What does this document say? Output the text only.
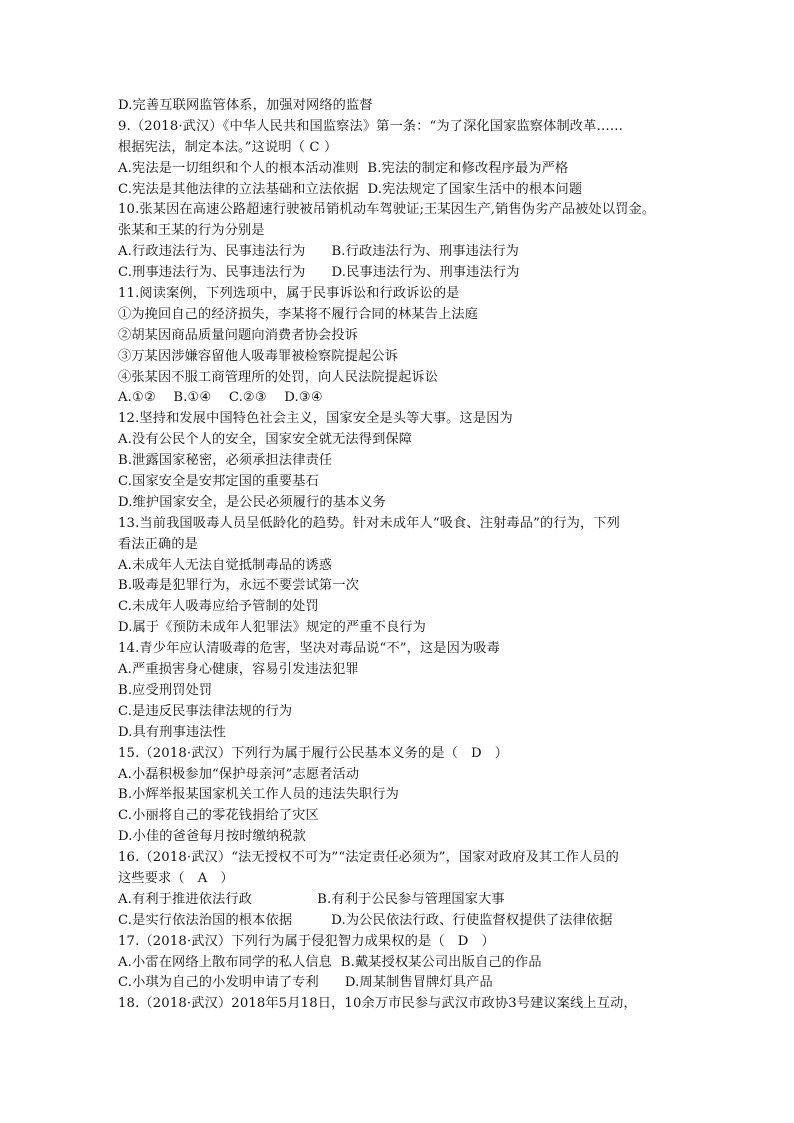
D.完善互联网监管体系，加强对网络的监督
9.（2018·武汉）《中华人民共和国监察法》第一条：“为了深化国家监察体制改革……
根据宪法，制定本法。”这说明（ C ）
A.宪法是一切组织和个人的根本活动准则  B.宪法的制定和修改程序最为严格
C.宪法是其他法律的立法基础和立法依据  D.宪法规定了国家生活中的根本问题
10.张某因在高速公路超速行驶被吊销机动车驾驶证;王某因生产,销售伪劣产品被处以罚金。
张某和王某的行为分别是
A.行政违法行为、民事违法行为      B.行政违法行为、刑事违法行为
C.刑事违法行为、民事违法行为      D.民事违法行为、刑事违法行为
11.阅读案例，下列选项中，属于民事诉讼和行政诉讼的是
①为挽回自己的经济损失，李某将不履行合同的林某告上法庭
②胡某因商品质量问题向消费者协会投诉
③万某因涉嫌容留他人吸毒罪被检察院提起公诉
④张某因不服工商管理所的处罚，向人民法院提起诉讼
A.①②    B.①④    C.②③    D.③④
12.坚持和发展中国特色社会主义，国家安全是头等大事。这是因为
A.没有公民个人的安全，国家安全就无法得到保障
B.泄露国家秘密，必须承担法律责任
C.国家安全是安邦定国的重要基石
D.维护国家安全，是公民必须履行的基本义务
13.当前我国吸毒人员呈低龄化的趋势。针对未成年人“吸食、注射毒品”的行为，下列
看法正确的是
A.未成年人无法自觉抵制毒品的诱惑
B.吸毒是犯罪行为，永远不要尝试第一次
C.未成年人吸毒应给予管制的处罚
D.属于《预防未成年人犯罪法》规定的严重不良行为
14.青少年应认清吸毒的危害，坚决对毒品说“不”，这是因为吸毒
A.严重损害身心健康，容易引发违法犯罪
B.应受刑罚处罚
C.是违反民事法律法规的行为
D.具有刑事违法性
15.（2018·武汉）下列行为属于履行公民基本义务的是（   D   ）
A.小磊积极参加“保护母亲河”志愿者活动
B.小辉举报某国家机关工作人员的违法失职行为
C.小丽将自己的零花钱捐给了灾区
D.小佳的爸爸每月按时缴纳税款
16.（2018·武汉）“法无授权不可为”“法定责任必须为”，国家对政府及其工作人员的
这些要求（   A   ）
A.有利于推进依法行政               B.有利于公民参与管理国家大事
C.是实行依法治国的根本依据         D.为公民依法行政、行使监督权提供了法律依据
17.（2018·武汉）下列行为属于侵犯智力成果权的是（   D   ）
A.小雷在网络上散布同学的私人信息  B.戴某授权某公司出版自己的作品
C.小琪为自己的小发明申请了专利      D.周某制售冒牌灯具产品
18.（2018·武汉）2018年5月18日，10余万市民参与武汉市政协3号建议案线上互动，
